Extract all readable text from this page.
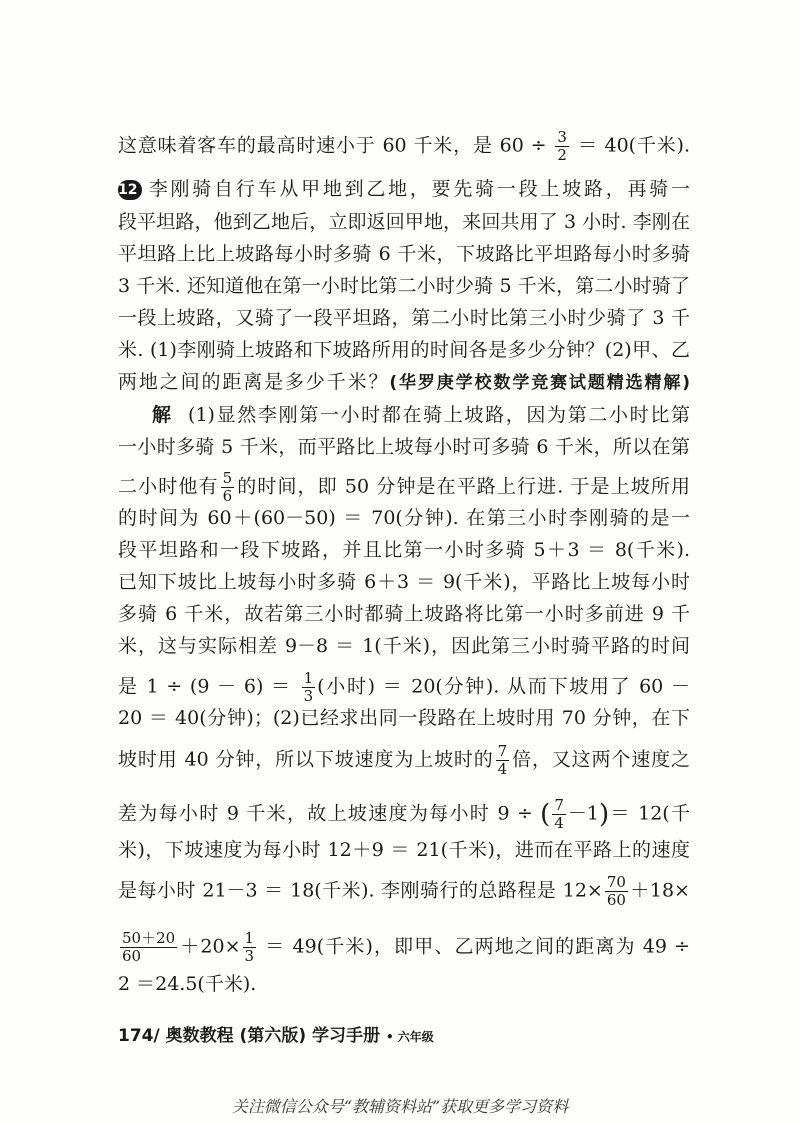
这意味着客车的最高时速小于 60 千米，是 $60 \div \frac{3}{2} = 40$(千米).
12 李刚骑自行车从甲地到乙地，要先骑一段上坡路，再骑一
段平坦路，他到乙地后，立即返回甲地，来回共用了 3 小时. 李刚在
平坦路上比上坡路每小时多骑 6 千米，下坡路比平坦路每小时多骑
3 千米. 还知道他在第一小时比第二小时少骑 5 千米，第二小时骑了
一段上坡路，又骑了一段平坦路，第二小时比第三小时少骑了 3 千
米. (1)李刚骑上坡路和下坡路所用的时间各是多少分钟？(2)甲、乙
两地之间的距离是多少千米？(华罗庚学校数学竞赛试题精选精解)
解 (1)显然李刚第一小时都在骑上坡路，因为第二小时比第
一小时多骑 5 千米，而平路比上坡每小时可多骑 6 千米，所以在第
二小时他有 $\frac{5}{6}$ 的时间，即 50 分钟是在平路上行进. 于是上坡所用
的时间为 60＋(60－50) ＝ 70(分钟). 在第三小时李刚骑的是一
段平坦路和一段下坡路，并且比第一小时多骑 5＋3 ＝ 8(千米).
已知下坡比上坡每小时多骑 6＋3 ＝ 9(千米)，平路比上坡每小时
多骑 6 千米，故若第三小时都骑上坡路将比第一小时多前进 9 千
米，这与实际相差 9－8 ＝ 1(千米)，因此第三小时骑平路的时间
是 $1 \div (9 - 6) = \frac{1}{3}$ (小时) ＝ 20(分钟). 从而下坡用了 60 －
20 ＝ 40(分钟)；(2)已经求出同一段路在上坡时用 70 分钟，在下
坡时用 40 分钟，所以下坡速度为上坡时的 $\frac{7}{4}$ 倍，又这两个速度之
差为每小时 9 千米，故上坡速度为每小时 9 ÷ ( $\frac{7}{4} -1)= 12$(千
米)，下坡速度为每小时 12＋9 ＝ 21(千米)，进而在平路上的速度
是每小时 21－3 ＝ 18(千米). 李刚骑行的总路程是 $12\times \frac{70}{60} +18\times$
$\frac{50+20}{60} +20\times \frac{1}{3} = 49$(千米)，即甲、乙两地之间的距离为 49 ÷
2 ＝24.5(千米).
174/ 奥数教程 (第六版) 学习手册 • 六年级
关注微信公众号“教辅资料站”获取更多学习资料
